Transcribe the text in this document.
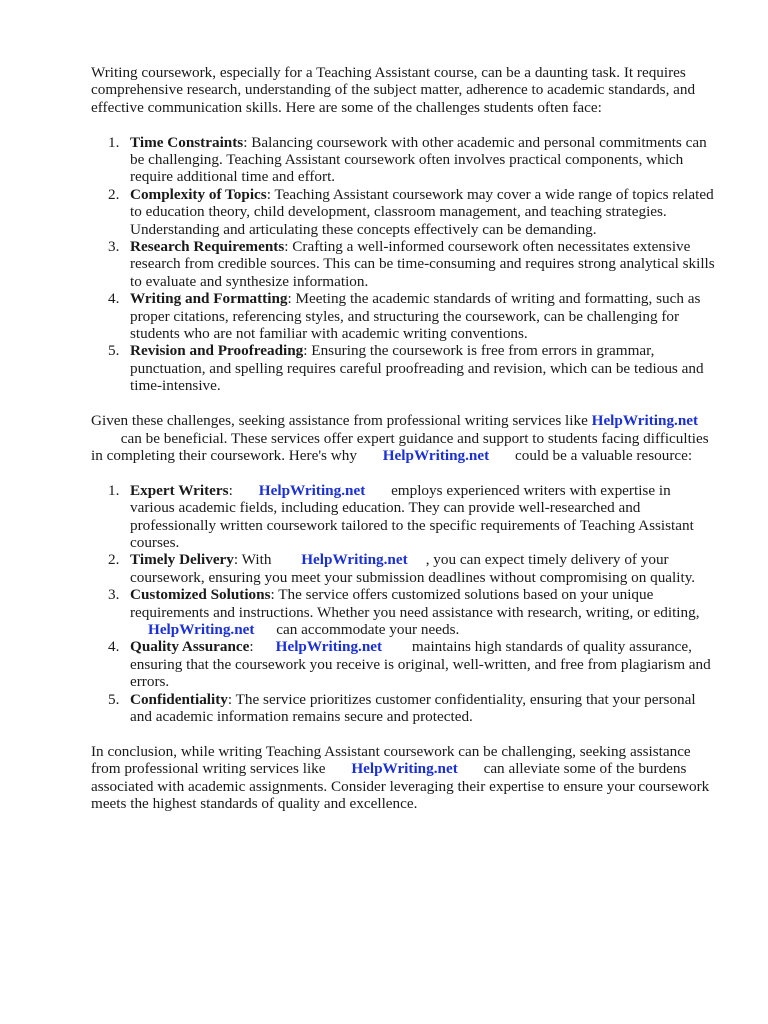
Writing coursework, especially for a Teaching Assistant course, can be a daunting task. It requires comprehensive research, understanding of the subject matter, adherence to academic standards, and effective communication skills. Here are some of the challenges students often face:

1. Time Constraints: Balancing coursework with other academic and personal commitments can be challenging. Teaching Assistant coursework often involves practical components, which require additional time and effort.
2. Complexity of Topics: Teaching Assistant coursework may cover a wide range of topics related to education theory, child development, classroom management, and teaching strategies. Understanding and articulating these concepts effectively can be demanding.
3. Research Requirements: Crafting a well-informed coursework often necessitates extensive research from credible sources. This can be time-consuming and requires strong analytical skills to evaluate and synthesize information.
4. Writing and Formatting: Meeting the academic standards of writing and formatting, such as proper citations, referencing styles, and structuring the coursework, can be challenging for students who are not familiar with academic writing conventions.
5. Revision and Proofreading: Ensuring the coursework is free from errors in grammar, punctuation, and spelling requires careful proofreading and revision, which can be tedious and time-intensive.

Given these challenges, seeking assistance from professional writing services like HelpWriting.net can be beneficial. These services offer expert guidance and support to students facing difficulties in completing their coursework. Here's why HelpWriting.net could be a valuable resource:

1. Expert Writers: HelpWriting.net employs experienced writers with expertise in various academic fields, including education. They can provide well-researched and professionally written coursework tailored to the specific requirements of Teaching Assistant courses.
2. Timely Delivery: With HelpWriting.net , you can expect timely delivery of your coursework, ensuring you meet your submission deadlines without compromising on quality.
3. Customized Solutions: The service offers customized solutions based on your unique requirements and instructions. Whether you need assistance with research, writing, or editing, HelpWriting.net can accommodate your needs.
4. Quality Assurance: HelpWriting.net maintains high standards of quality assurance, ensuring that the coursework you receive is original, well-written, and free from plagiarism and errors.
5. Confidentiality: The service prioritizes customer confidentiality, ensuring that your personal and academic information remains secure and protected.

In conclusion, while writing Teaching Assistant coursework can be challenging, seeking assistance from professional writing services like HelpWriting.net can alleviate some of the burdens associated with academic assignments. Consider leveraging their expertise to ensure your coursework meets the highest standards of quality and excellence.
